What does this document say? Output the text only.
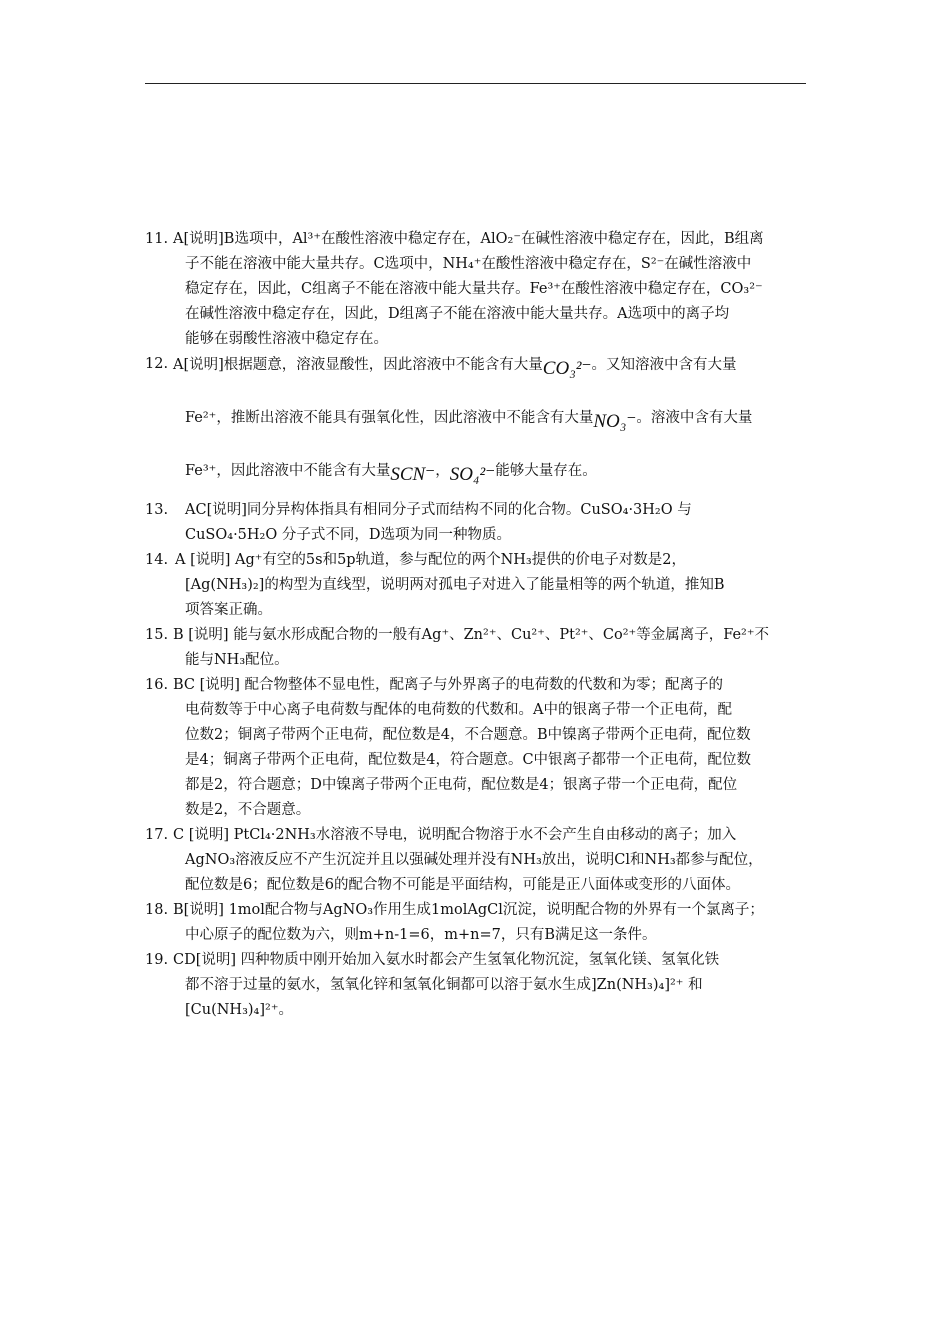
11. A[说明]B选项中，Al³⁺在酸性溶液中稳定存在，AlO₂⁻在碱性溶液中稳定存在，因此，B组离
子不能在溶液中能大量共存。C选项中，NH₄⁺在酸性溶液中稳定存在，S²⁻在碱性溶液中
稳定存在，因此，C组离子不能在溶液中能大量共存。Fe³⁺在酸性溶液中稳定存在，CO₃²⁻
在碱性溶液中稳定存在，因此，D组离子不能在溶液中能大量共存。A选项中的离子均
能够在弱酸性溶液中稳定存在。
12. A[说明]根据题意，溶液显酸性，因此溶液中不能含有大量CO₃²⁻。又知溶液中含有大量
Fe²⁺，推断出溶液不能具有强氧化性，因此溶液中不能含有大量NO₃⁻。溶液中含有大量
Fe³⁺，因此溶液中不能含有大量SCN⁻，SO₄²⁻能够大量存在。
13. AC[说明]同分异构体指具有相同分子式而结构不同的化合物。CuSO₄·3H₂O 与
CuSO₄·5H₂O 分子式不同，D选项为同一种物质。
14. A [说明] Ag⁺有空的5s和5p轨道，参与配位的两个NH₃提供的价电子对数是2，
[Ag(NH₃)₂]的构型为直线型，说明两对孤电子对进入了能量相等的两个轨道，推知B
项答案正确。
15. B [说明] 能与氨水形成配合物的一般有Ag⁺、Zn²⁺、Cu²⁺、Pt²⁺、Co²⁺等金属离子，Fe²⁺不
能与NH₃配位。
16. BC [说明] 配合物整体不显电性，配离子与外界离子的电荷数的代数和为零；配离子的
电荷数等于中心离子电荷数与配体的电荷数的代数和。A中的银离子带一个正电荷，配
位数2；铜离子带两个正电荷，配位数是4，不合题意。B中镍离子带两个正电荷，配位数
是4；铜离子带两个正电荷，配位数是4，符合题意。C中银离子都带一个正电荷，配位数
都是2，符合题意；D中镍离子带两个正电荷，配位数是4；银离子带一个正电荷，配位
数是2，不合题意。
17. C [说明] PtCl₄·2NH₃水溶液不导电，说明配合物溶于水不会产生自由移动的离子；加入
AgNO₃溶液反应不产生沉淀并且以强碱处理并没有NH₃放出，说明Cl和NH₃都参与配位，
配位数是6；配位数是6的配合物不可能是平面结构，可能是正八面体或变形的八面体。
18. B[说明] 1mol配合物与AgNO₃作用生成1molAgCl沉淀，说明配合物的外界有一个氯离子；
中心原子的配位数为六，则m+n-1=6，m+n=7，只有B满足这一条件。
19. CD[说明] 四种物质中刚开始加入氨水时都会产生氢氧化物沉淀，氢氧化镁、氢氧化铁
都不溶于过量的氨水，氢氧化锌和氢氧化铜都可以溶于氨水生成]Zn(NH₃)₄]²⁺ 和
[Cu(NH₃)₄]²⁺。
